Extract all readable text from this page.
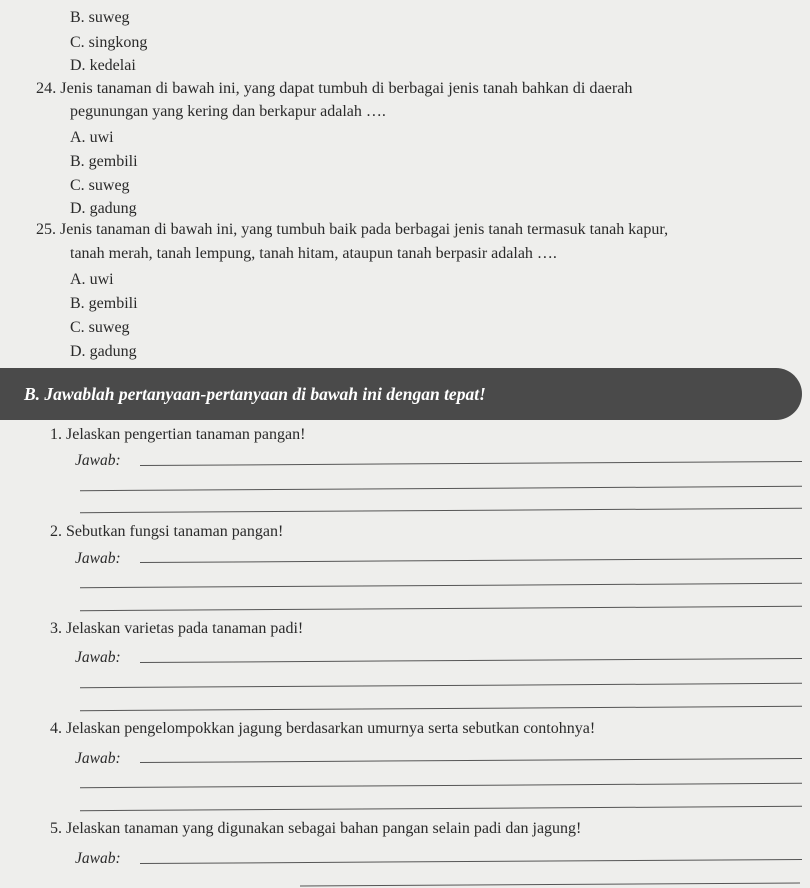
B. suweg
C. singkong
D. kedelai
24. Jenis tanaman di bawah ini, yang dapat tumbuh di berbagai jenis tanah bahkan di daerah
pegunungan yang kering dan berkapur adalah ….
A. uwi
B. gembili
C. suweg
D. gadung
25. Jenis tanaman di bawah ini, yang tumbuh baik pada berbagai jenis tanah termasuk tanah kapur,
tanah merah, tanah lempung, tanah hitam, ataupun tanah berpasir adalah ….
A. uwi
B. gembili
C. suweg
D. gadung
B. Jawablah pertanyaan-pertanyaan di bawah ini dengan tepat!
1. Jelaskan pengertian tanaman pangan!
Jawab:
2. Sebutkan fungsi tanaman pangan!
Jawab:
3. Jelaskan varietas pada tanaman padi!
Jawab:
4. Jelaskan pengelompokkan jagung berdasarkan umurnya serta sebutkan contohnya!
Jawab:
5. Jelaskan tanaman yang digunakan sebagai bahan pangan selain padi dan jagung!
Jawab:
